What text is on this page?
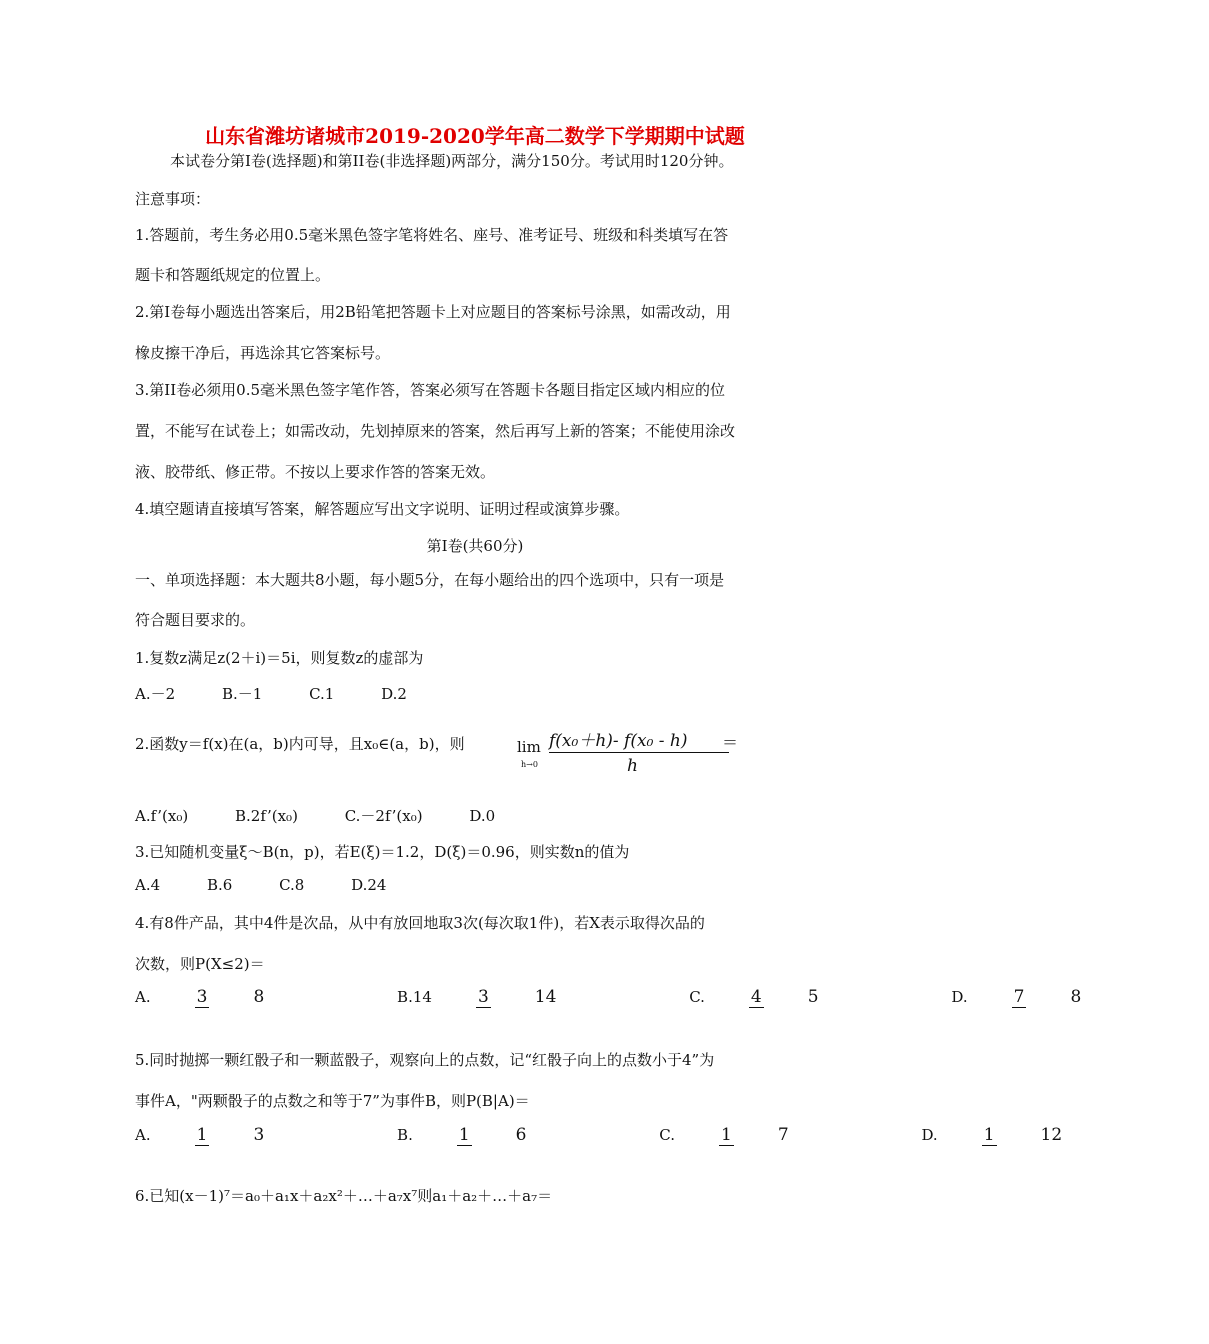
山东省潍坊诸城市2019-2020学年高二数学下学期期中试题
本试卷分第Ⅰ卷(选择题)和第II卷(非选择题)两部分，满分150分。考试用时120分钟。
注意事项：
1.答题前，考生务必用0.5毫米黑色签字笔将姓名、座号、准考证号、班级和科类填写在答
题卡和答题纸规定的位置上。
2.第Ⅰ卷每小题选出答案后，用2B铅笔把答题卡上对应题目的答案标号涂黑，如需改动，用
橡皮擦干净后，再选涂其它答案标号。
3.第II卷必须用0.5毫米黑色签字笔作答，答案必须写在答题卡各题目指定区域内相应的位
置，不能写在试卷上；如需改动，先划掉原来的答案，然后再写上新的答案；不能使用涂改
液、胶带纸、修正带。不按以上要求作答的答案无效。
4.填空题请直接填写答案，解答题应写出文字说明、证明过程或演算步骤。
第Ⅰ卷(共60分)
一、单项选择题：本大题共8小题，每小题5分，在每小题给出的四个选项中，只有一项是
符合题目要求的。
1.复数z满足z(2＋i)＝5i，则复数z的虚部为
A.－2	B.－1	C.1	D.2
2.函数y＝f(x)在(a，b)内可导，且x₀∈(a，b)，则	lim
h→0
f(x₀＋h)- f(x₀ - h)
h
＝
A.f’(x₀)	B.2f’(x₀)	C.－2f’(x₀)	D.0
3.已知随机变量ξ～B(n，p)，若E(ξ)＝1.2，D(ξ)＝0.96，则实数n的值为
A.4	B.6	C.8	D.24
4.有8件产品，其中4件是次品，从中有放回地取3次(每次取1件)，若X表示取得次品的
次数，则P(X≤2)＝
A.	3	8	B.14	3	14	C.	4	5	D.	7	8
5.同时抛掷一颗红骰子和一颗蓝骰子，观察向上的点数，记“红骰子向上的点数小于4”为
事件A，"两颗骰子的点数之和等于7”为事件B，则P(B|A)＝
A.	1	3	B.	1	6	C.	1	7	D.	1	12
6.已知(x－1)⁷＝a₀＋a₁x＋a₂x²＋…＋a₇x⁷则a₁＋a₂＋…＋a₇＝
